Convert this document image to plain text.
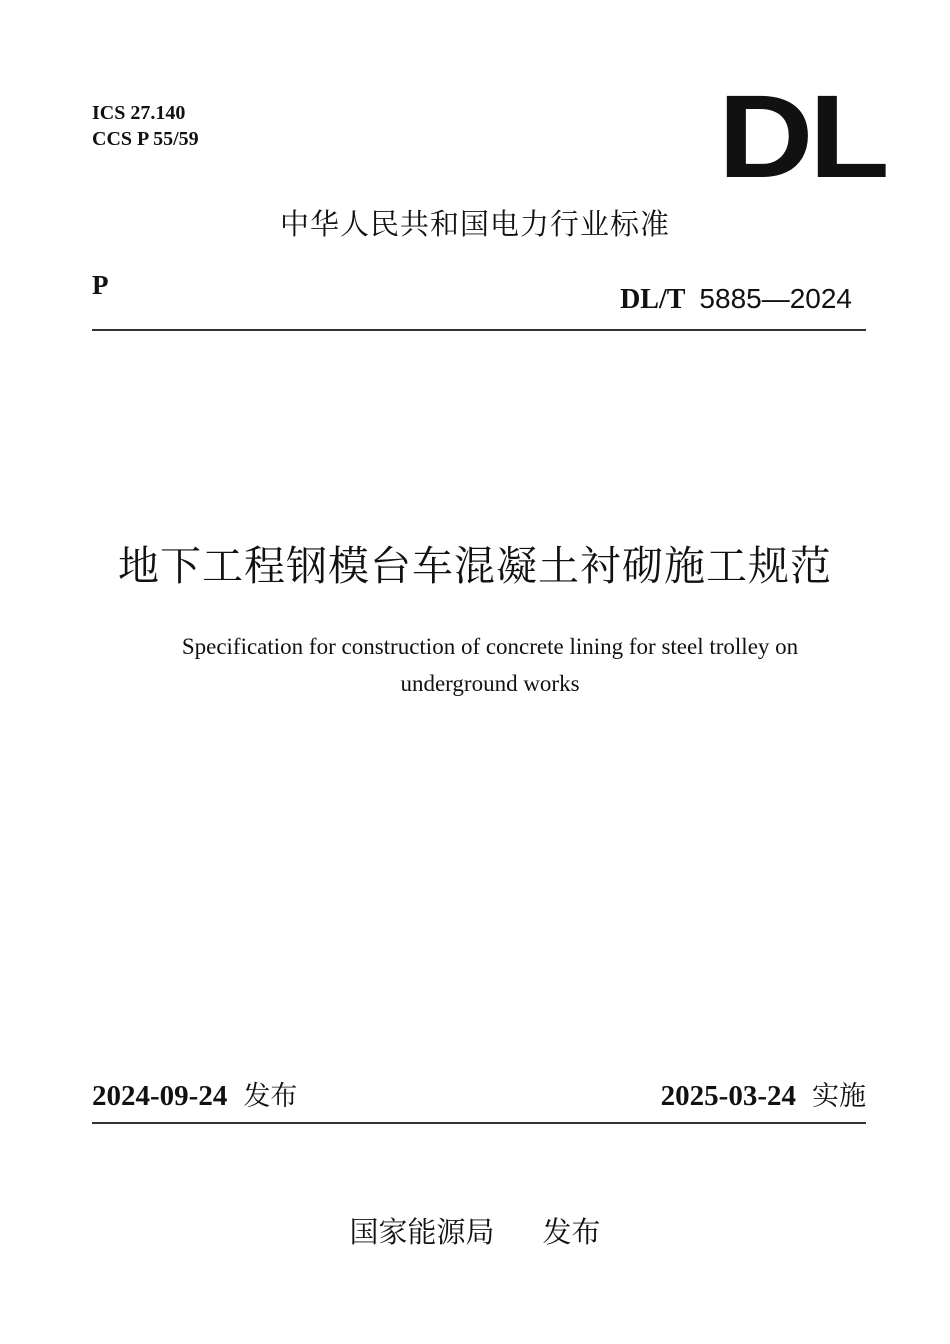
ICS 27.140
CCS P 55/59	DL
中华人民共和国电力行业标准
P	DL/T 5885—2024
地下工程钢模台车混凝土衬砌施工规范
Specification for construction of concrete lining for steel trolley on
underground works
2024-09-24 发布	2025-03-24 实施
国家能源局 发布
